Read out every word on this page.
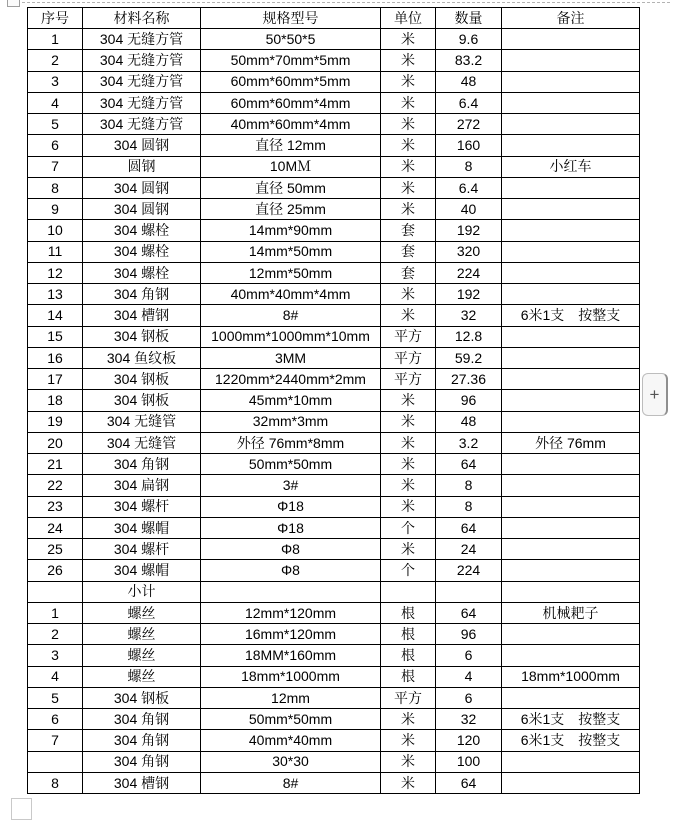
序号	材料名称	规格型号	单位	数量	备注
1	304 无缝方管	50*50*5	米	9.6	
2	304 无缝方管	50mm*70mm*5mm	米	83.2	
3	304 无缝方管	60mm*60mm*5mm	米	48	
4	304 无缝方管	60mm*60mm*4mm	米	6.4	
5	304 无缝方管	40mm*60mm*4mm	米	272	
6	304 圆钢	直径 12mm	米	160	
7	圆钢	10MＭ	米	8	小红车
8	304 圆钢	直径 50mm	米	6.4	
9	304 圆钢	直径 25mm	米	40	
10	304 螺栓	14mm*90mm	套	192	
11	304 螺栓	14mm*50mm	套	320	
12	304 螺栓	12mm*50mm	套	224	
13	304 角钢	40mm*40mm*4mm	米	192	
14	304 槽钢	8#	米	32	6米1支　按整支
15	304 钢板	1000mm*1000mm*10mm	平方	12.8	
16	304 鱼纹板	3MM	平方	59.2	
17	304 钢板	1220mm*2440mm*2mm	平方	27.36	
18	304 钢板	45mm*10mm	米	96	
19	304 无缝管	32mm*3mm	米	48	
20	304 无缝管	外径 76mm*8mm	米	3.2	外径 76mm
21	304 角钢	50mm*50mm	米	64	
22	304 扁钢	3#	米	8	
23	304 螺杆	Φ18	米	8	
24	304 螺帽	Φ18	个	64	
25	304 螺杆	Φ8	米	24	
26	304 螺帽	Φ8	个	224	
	小计				
1	螺丝	12mm*120mm	根	64	机械耙子
2	螺丝	16mm*120mm	根	96	
3	螺丝	18MM*160mm	根	6	
4	螺丝	18mm*1000mm	根	4	18mm*1000mm
5	304 钢板	12mm	平方	6	
6	304 角钢	50mm*50mm	米	32	6米1支　按整支
7	304 角钢	40mm*40mm	米	120	6米1支　按整支
	304 角钢	30*30	米	100	
8	304 槽钢	8#	米	64	
+
